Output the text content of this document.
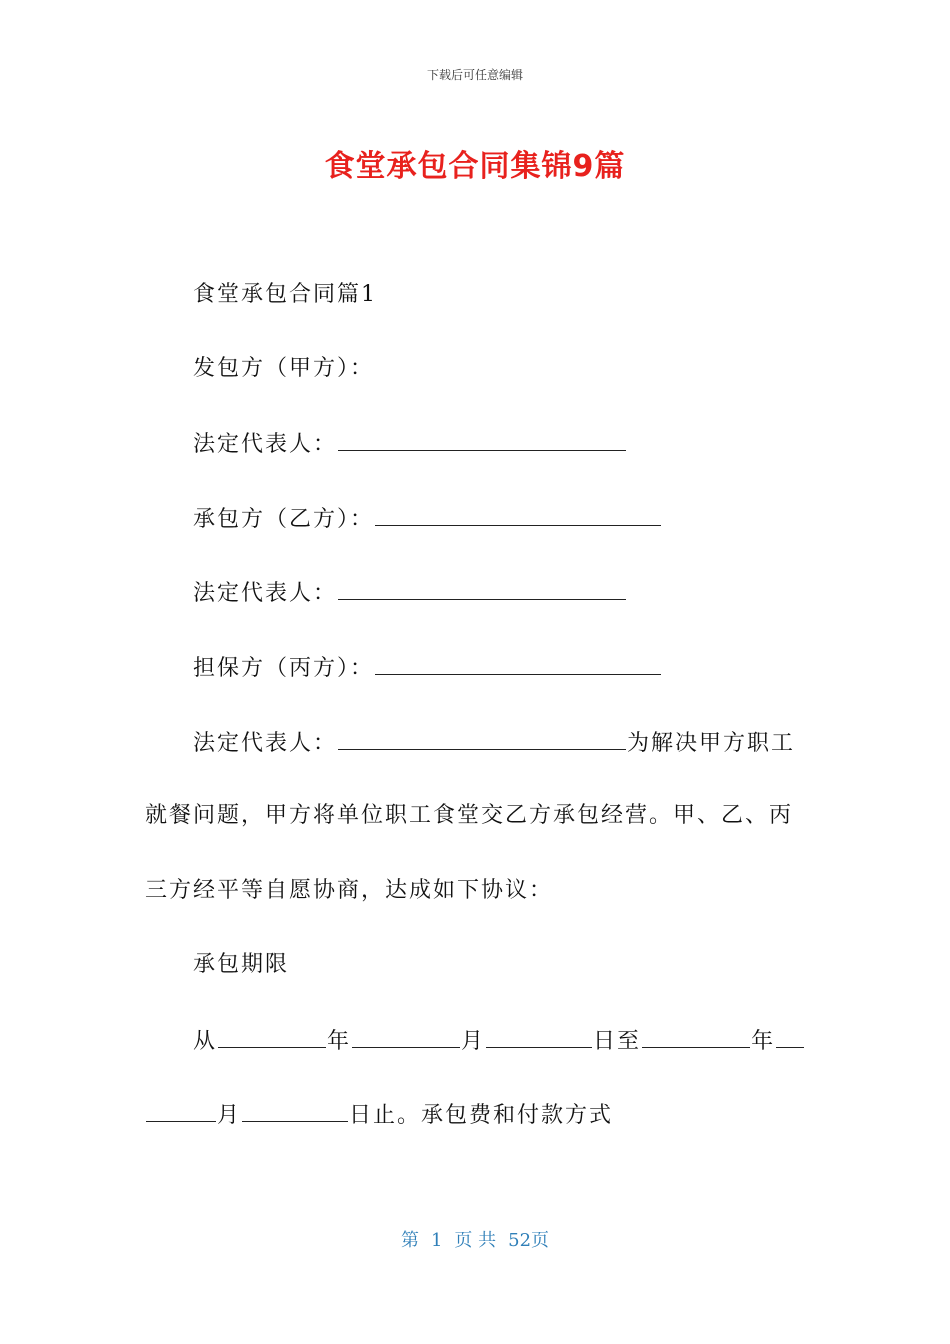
下载后可任意编辑
食堂承包合同集锦9篇
食堂承包合同篇1
发包方（甲方）：
法定代表人：
承包方（乙方）：
法定代表人：
担保方（丙方）：
法定代表人：	为解决甲方职工
就餐问题，甲方将单位职工食堂交乙方承包经营。甲、乙、丙
三方经平等自愿协商，达成如下协议：
承包期限
从	年	月	日至	年
月	日止。承包费和付款方式
第 1 页 共 52页
